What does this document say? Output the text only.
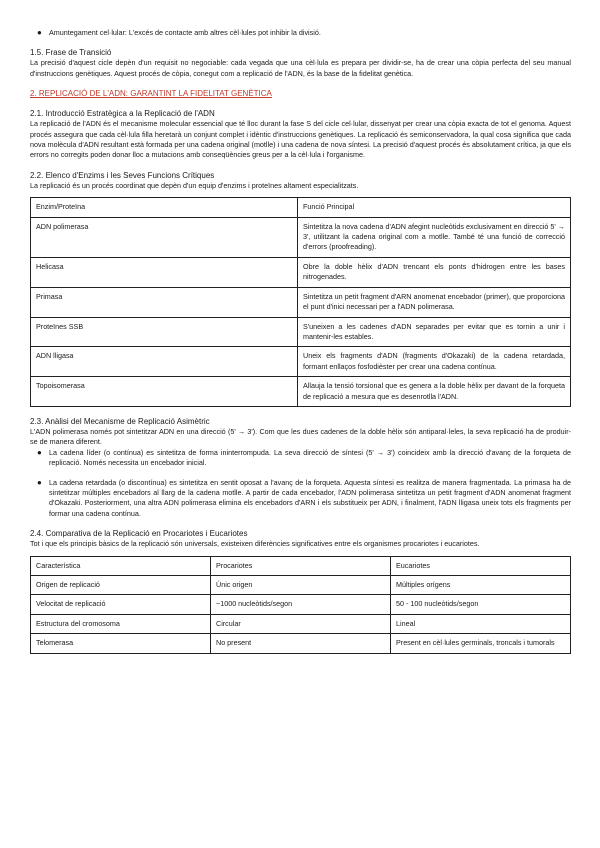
● Amuntegament cel·lular: L'excés de contacte amb altres cèl·lules pot inhibir la divisió.
1.5. Frase de Transició

La precisió d'aquest cicle depèn d'un requisit no negociable: cada vegada que una cèl·lula es prepara per dividir-se, ha de crear una còpia perfecta del seu manual d'instruccions genètiques. Aquest procés de còpia, conegut com a replicació de l'ADN, és la base de la fidelitat genètica.

2. REPLICACIÓ DE L'ADN: GARANTINT LA FIDELITAT GENÈTICA
2.1. Introducció Estratègica a la Replicació de l'ADN

La replicació de l'ADN és el mecanisme molecular essencial que té lloc durant la fase S del cicle cel·lular, dissenyat per crear una còpia exacta de tot el genoma. Aquest procés assegura que cada cèl·lula filla heretarà un conjunt complet i idèntic d'instruccions genètiques. La replicació és semiconservadora, la qual cosa significa que cada nova molècula d'ADN resultant està formada per una cadena original (motlle) i una cadena de nova síntesi. La precisió d'aquest procés és absolutament crítica, ja que els errors no corregits poden donar lloc a mutacions amb conseqüències greus per a la cèl·lula i l'organisme.

2.2. Elenco d'Enzims i les Seves Funcions Crítiques

La replicació és un procés coordinat que depèn d'un equip d'enzims i proteïnes altament especialitzats.

Enzim/Proteïna	Funció Principal
ADN polimerasa	Sintetitza la nova cadena d'ADN afegint nucleòtids exclusivament en direcció 5' → 3', utilitzant la cadena original com a motlle. També té una funció de correcció d'errors (proofreading).
Helicasa	Obre la doble hèlix d'ADN trencant els ponts d'hidrogen entre les bases nitrogenades.
Primasa	Sintetitza un petit fragment d'ARN anomenat encebador (primer), que proporciona el punt d'inici necessari per a l'ADN polimerasa.
Proteïnes SSB	S'uneixen a les cadenes d'ADN separades per evitar que es tornin a unir i mantenir-les estables.
ADN lligasa	Uneix els fragments d'ADN (fragments d'Okazaki) de la cadena retardada, formant enllaços fosfodièster per crear una cadena contínua.
Topoisomerasa	Allauja la tensió torsional que es genera a la doble hèlix per davant de la forqueta de replicació a mesura que es desenrotlla l'ADN.
2.3. Anàlisi del Mecanisme de Replicació Asimètric

L'ADN polimerasa només pot sintetitzar ADN en una direcció (5' → 3'). Com que les dues cadenes de la doble hèlix són antiparal·leles, la seva replicació ha de produir-se de manera diferent.

● La cadena líder (o contínua) es sintetitza de forma ininterrompuda. La seva direcció de síntesi (5' → 3') coincideix amb la direcció d'avanç de la forqueta de replicació. Només necessita un encebador inicial.
● La cadena retardada (o discontínua) es sintetitza en sentit oposat a l'avanç de la forqueta. Aquesta síntesi es realitza de manera fragmentada. La primasa ha de sintetitzar múltiples encebadors al llarg de la cadena motlle. A partir de cada encebador, l'ADN polimerasa sintetitza un petit fragment d'ADN anomenat fragment d'Okazaki. Posteriorment, una altra ADN polimerasa elimina els encebadors d'ARN i els substitueix per ADN, i finalment, l'ADN lligasa uneix tots els fragments per formar una cadena contínua.
2.4. Comparativa de la Replicació en Procariotes i Eucariotes

Tot i que els principis bàsics de la replicació són universals, existeixen diferències significatives entre els organismes procariotes i eucariotes.

Característica	Procariotes	Eucariotes
Origen de replicació	Únic origen	Múltiples orígens
Velocitat de replicació	~1000 nucleòtids/segon	50 - 100 nucleòtids/segon
Estructura del cromosoma	Circular	Lineal
Telomerasa	No present	Present en cèl·lules germinals, troncals i tumorals
